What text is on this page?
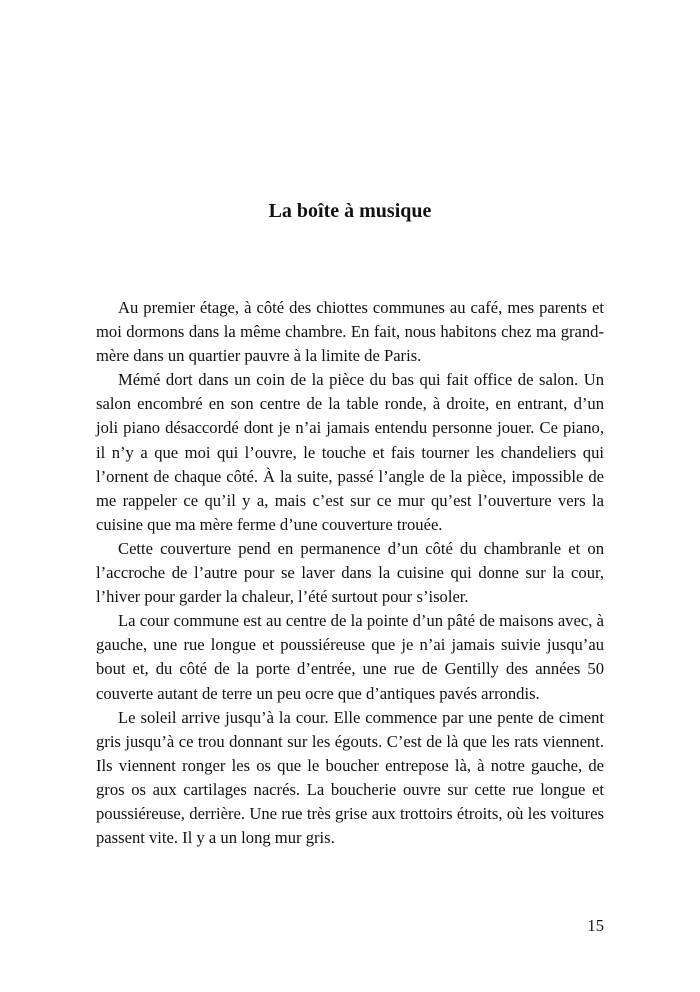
La boîte à musique

Au premier étage, à côté des chiottes communes au café, mes parents et moi dormons dans la même chambre. En fait, nous habitons chez ma grand-mère dans un quartier pauvre à la limite de Paris.

Mémé dort dans un coin de la pièce du bas qui fait office de salon. Un salon encombré en son centre de la table ronde, à droite, en entrant, d’un joli piano désaccordé dont je n’ai jamais entendu personne jouer. Ce piano, il n’y a que moi qui l’ouvre, le touche et fais tourner les chandeliers qui l’ornent de chaque côté. À la suite, passé l’angle de la pièce, impossible de me rappeler ce qu’il y a, mais c’est sur ce mur qu’est l’ouverture vers la cuisine que ma mère ferme d’une couverture trouée.

Cette couverture pend en permanence d’un côté du chambranle et on l’accroche de l’autre pour se laver dans la cuisine qui donne sur la cour, l’hiver pour garder la chaleur, l’été surtout pour s’isoler.

La cour commune est au centre de la pointe d’un pâté de maisons avec, à gauche, une rue longue et poussiéreuse que je n’ai jamais suivie jusqu’au bout et, du côté de la porte d’entrée, une rue de Gentilly des années 50 couverte autant de terre un peu ocre que d’antiques pavés arrondis.

Le soleil arrive jusqu’à la cour. Elle commence par une pente de ciment gris jusqu’à ce trou donnant sur les égouts. C’est de là que les rats viennent. Ils viennent ronger les os que le boucher entrepose là, à notre gauche, de gros os aux cartilages nacrés. La boucherie ouvre sur cette rue longue et poussiéreuse, derrière. Une rue très grise aux trottoirs étroits, où les voitures passent vite. Il y a un long mur gris.

15
